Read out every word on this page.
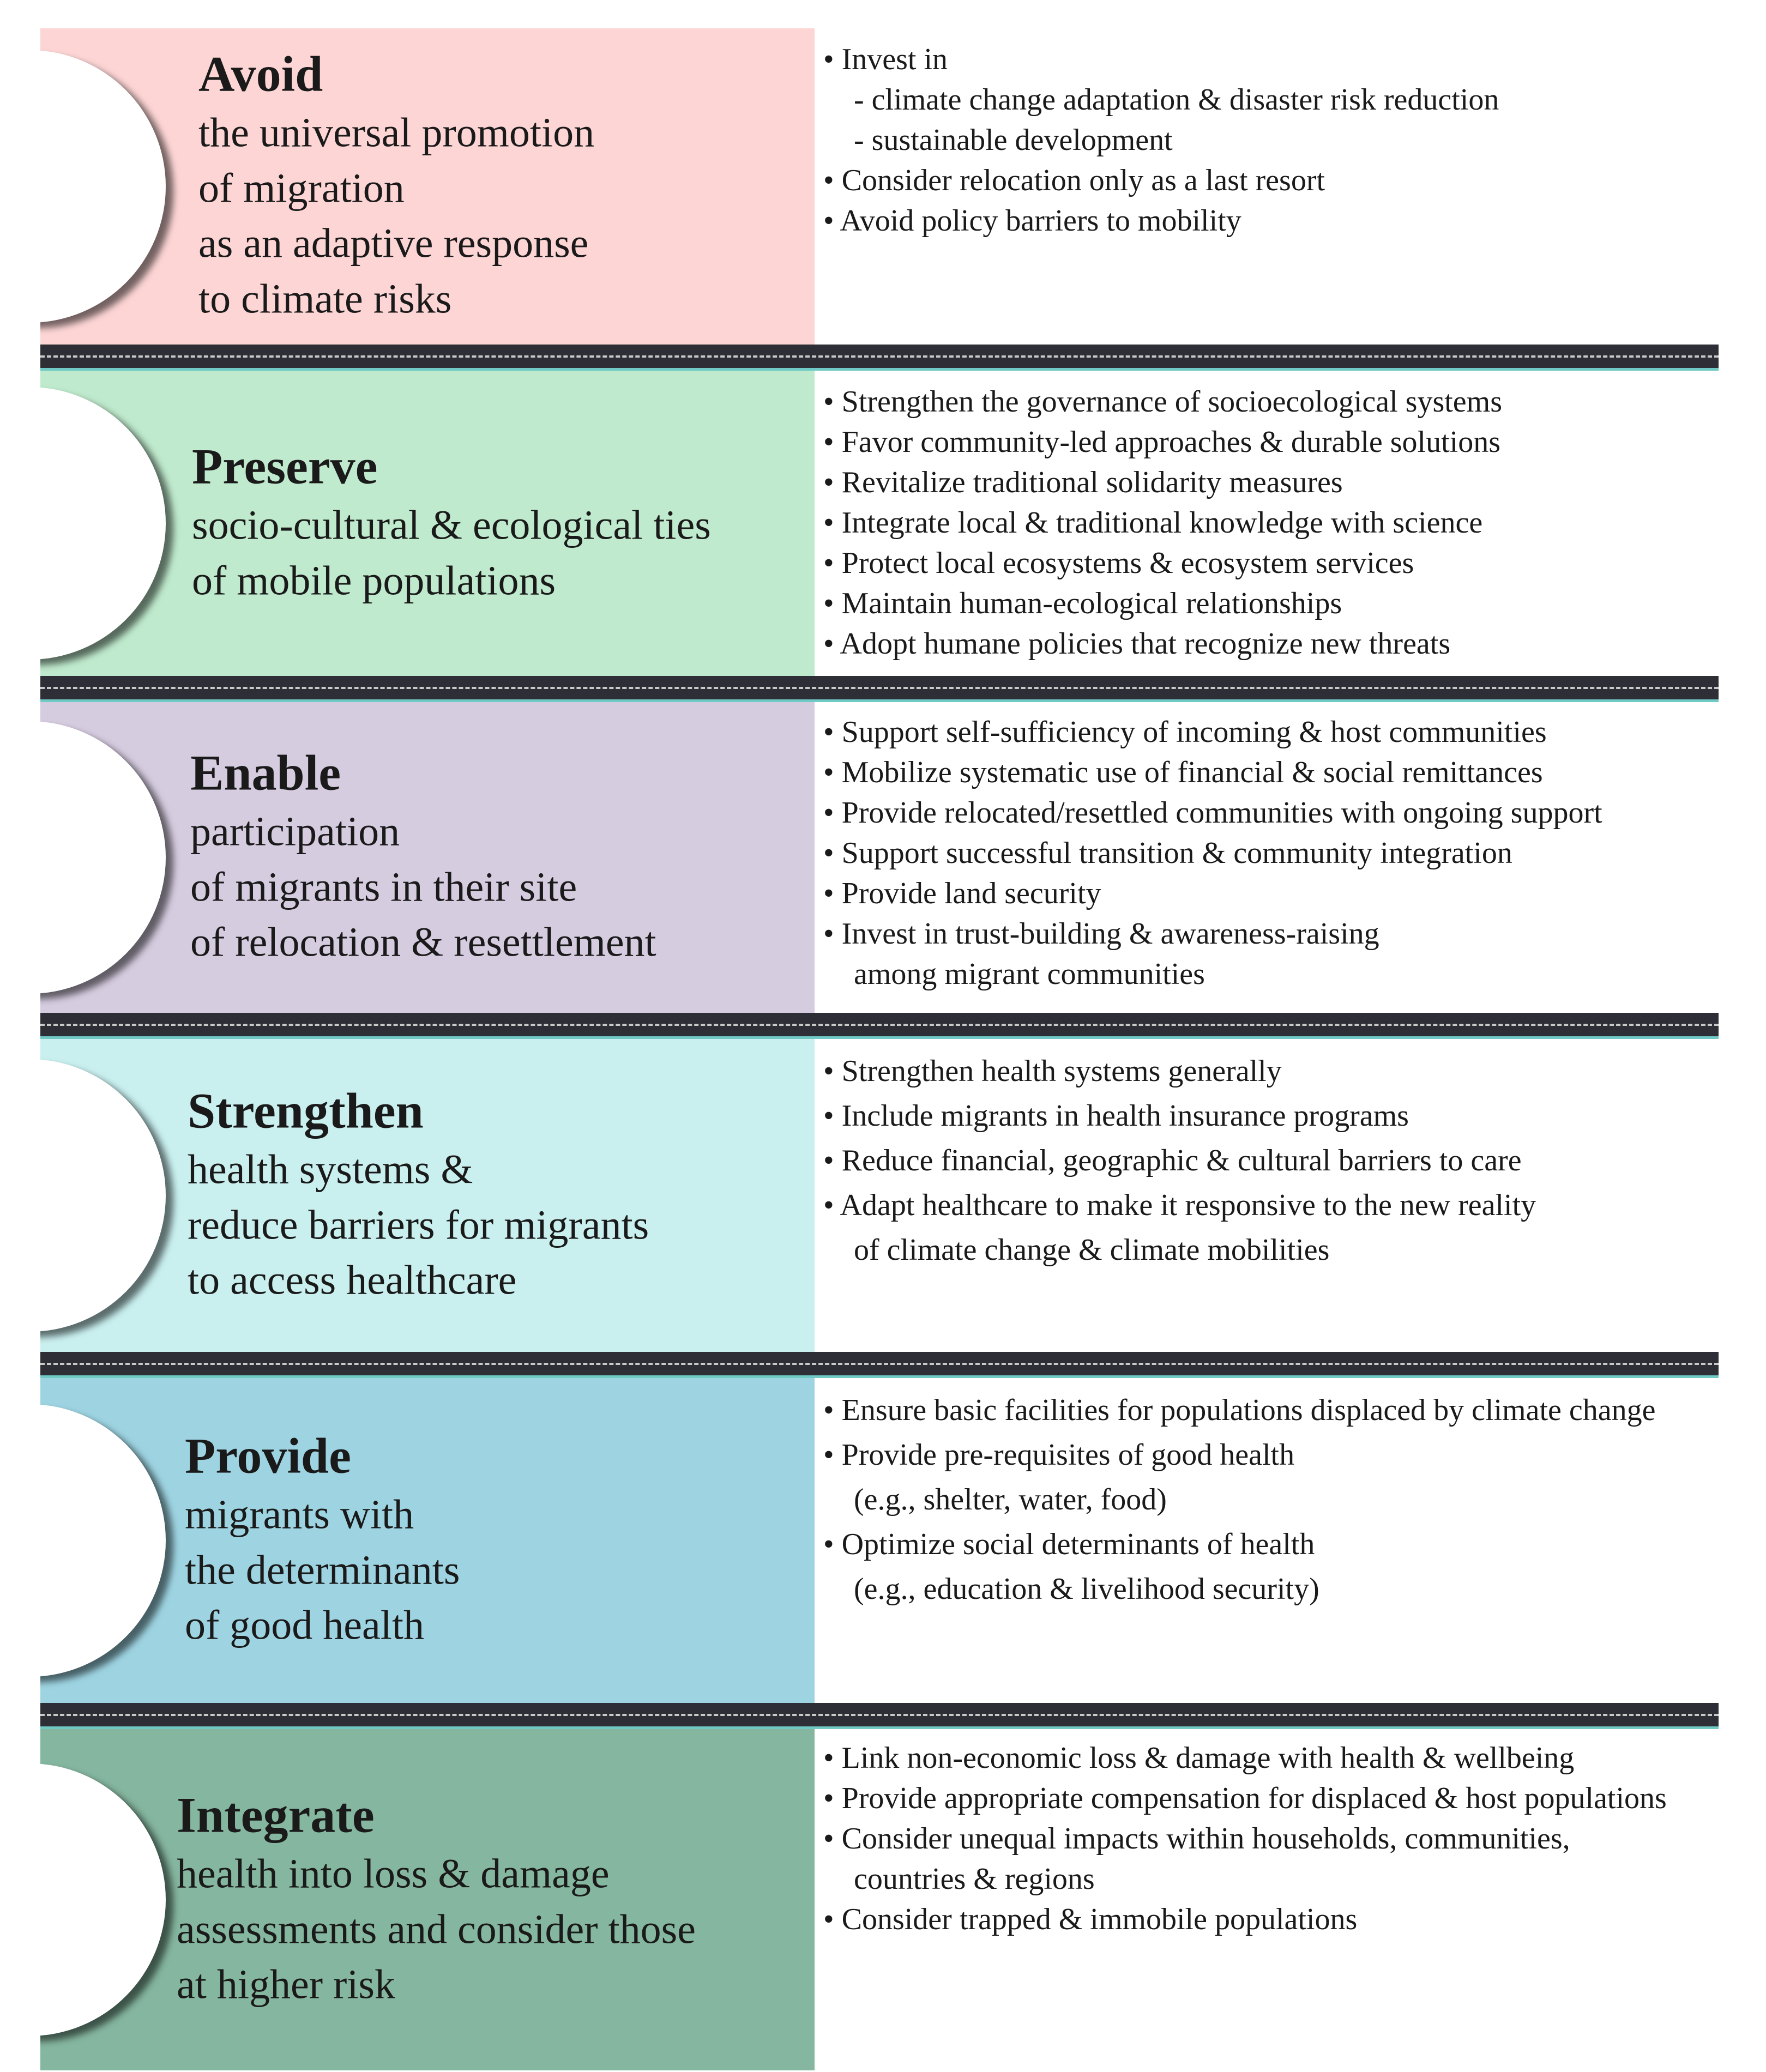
Avoid
the universal promotion
of migration
as an adaptive response
to climate risks
• Invest in
- climate change adaptation & disaster risk reduction
- sustainable development
• Consider relocation only as a last resort
• Avoid policy barriers to mobility
Preserve
socio-cultural & ecological ties
of mobile populations
• Strengthen the governance of socioecological systems
• Favor community-led approaches & durable solutions
• Revitalize traditional solidarity measures
• Integrate local & traditional knowledge with science
• Protect local ecosystems & ecosystem services
• Maintain human-ecological relationships
• Adopt humane policies that recognize new threats
Enable
participation
of migrants in their site
of relocation & resettlement
• Support self-sufficiency of incoming & host communities
• Mobilize systematic use of financial & social remittances
• Provide relocated/resettled communities with ongoing support
• Support successful transition & community integration
• Provide land security
• Invest in trust-building & awareness-raising
among migrant communities
Strengthen
health systems &
reduce barriers for migrants
to access healthcare
• Strengthen health systems generally
• Include migrants in health insurance programs
• Reduce financial, geographic & cultural barriers to care
• Adapt healthcare to make it responsive to the new reality
of climate change & climate mobilities
Provide
migrants with
the determinants
of good health
• Ensure basic facilities for populations displaced by climate change
• Provide pre-requisites of good health
(e.g., shelter, water, food)
• Optimize social determinants of health
(e.g., education & livelihood security)
Integrate
health into loss & damage
assessments and consider those
at higher risk
• Link non-economic loss & damage with health & wellbeing
• Provide appropriate compensation for displaced & host populations
• Consider unequal impacts within households, communities,
countries & regions
• Consider trapped & immobile populations
